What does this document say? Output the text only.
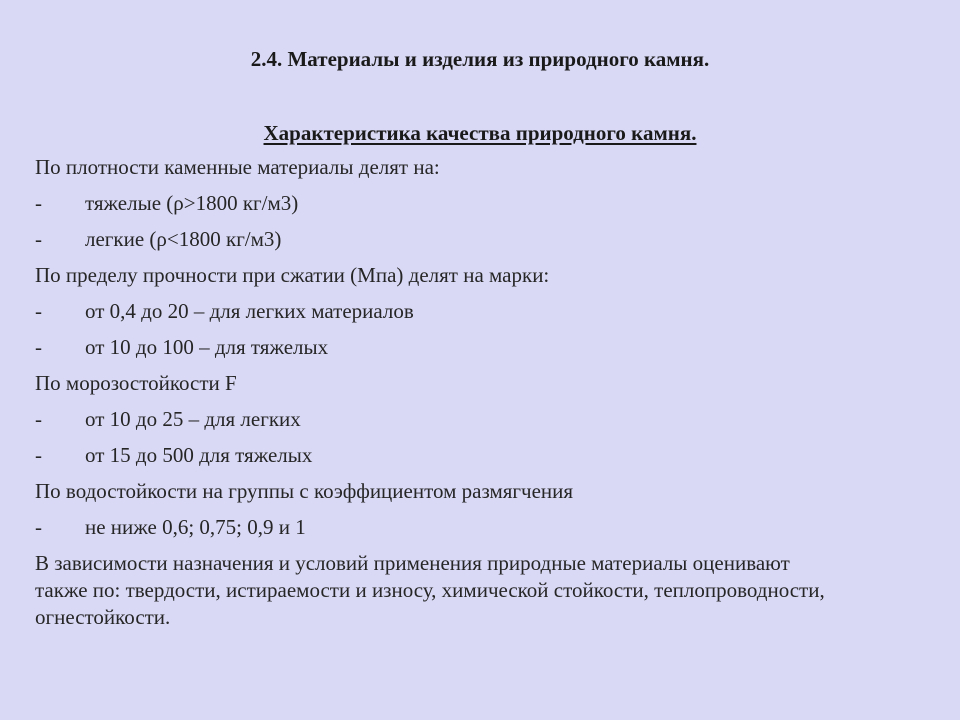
2.4. Материалы и изделия из природного камня.
Характеристика качества природного камня.
По плотности каменные материалы делят на:
-	тяжелые (ρ>1800 кг/м3)
-	легкие (ρ<1800 кг/м3)
По пределу прочности при сжатии (Мпа) делят на марки:
-	от 0,4 до 20 – для легких материалов
-	от 10 до 100 – для тяжелых
По морозостойкости F
-	от 10 до 25 – для легких
-	от 15 до 500 для тяжелых
По водостойкости на группы с коэффициентом размягчения
-	не ниже 0,6; 0,75; 0,9 и 1
В зависимости назначения и условий применения природные материалы оценивают также по: твердости, истираемости и износу, химической стойкости, теплопроводности, огнестойкости.
